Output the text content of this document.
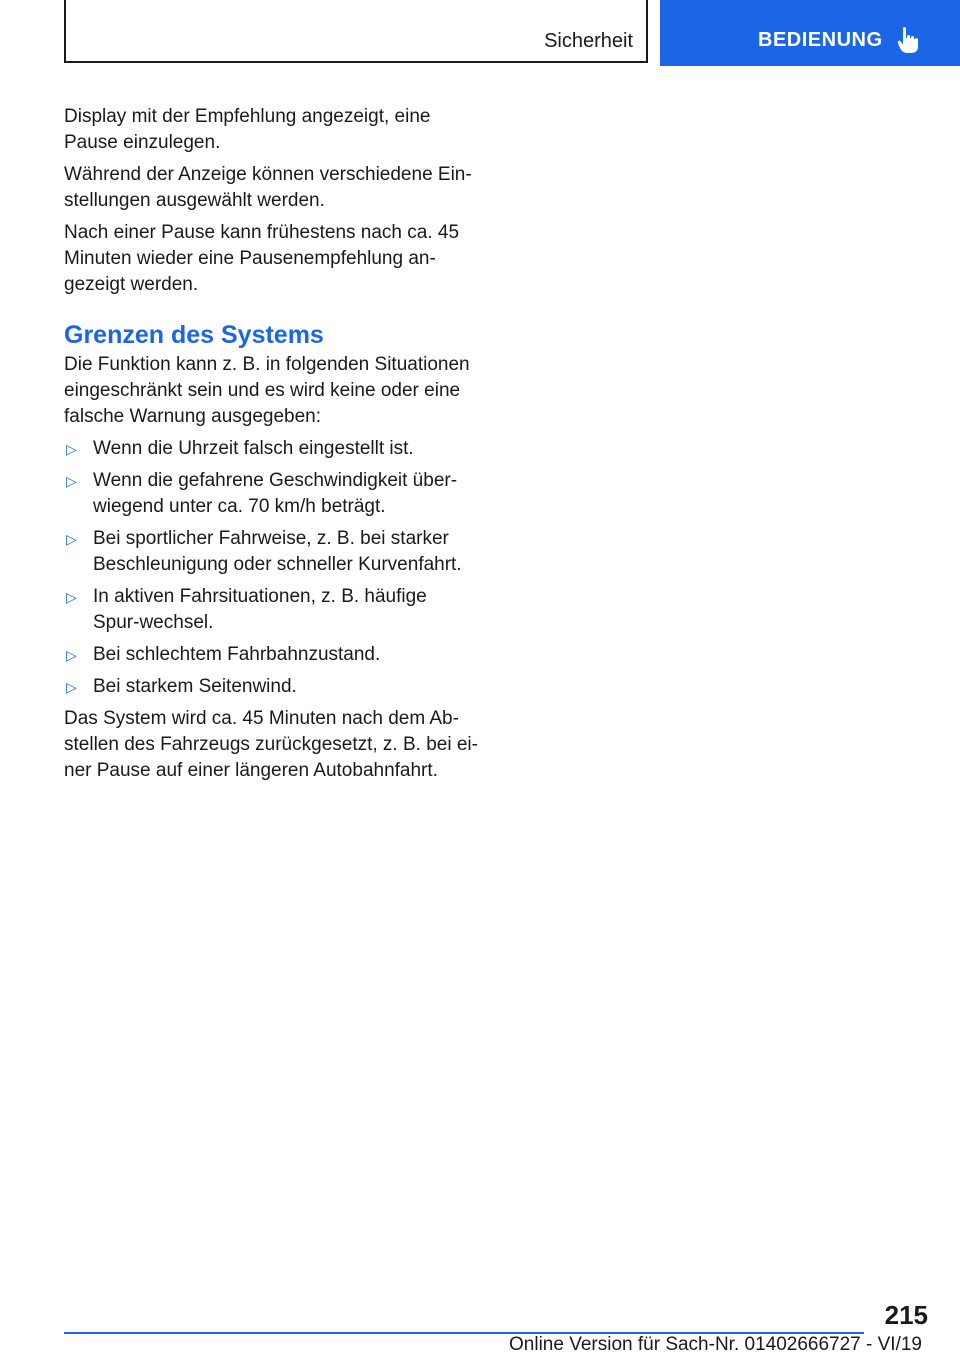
Sicherheit	BEDIENUNG

Display mit der Empfehlung angezeigt, eine Pause einzulegen.

Während der Anzeige können verschiedene Ein‐stellungen ausgewählt werden.

Nach einer Pause kann frühestens nach ca. 45 Minuten wieder eine Pausenempfehlung an‐gezeigt werden.

Grenzen des Systems

Die Funktion kann z. B. in folgenden Situationen eingeschränkt sein und es wird keine oder eine falsche Warnung ausgegeben:

▷ Wenn die Uhrzeit falsch eingestellt ist.
▷ Wenn die gefahrene Geschwindigkeit über‐wiegend unter ca. 70 km/h beträgt.
▷ Bei sportlicher Fahrweise, z. B. bei starker Beschleunigung oder schneller Kurvenfahrt.
▷ In aktiven Fahrsituationen, z. B. häufige Spur‐wechsel.
▷ Bei schlechtem Fahrbahnzustand.
▷ Bei starkem Seitenwind.

Das System wird ca. 45 Minuten nach dem Ab‐stellen des Fahrzeugs zurückgesetzt, z. B. bei ei‐ner Pause auf einer längeren Autobahnfahrt.

215
Online Version für Sach-Nr. 01402666727 - VI/19
